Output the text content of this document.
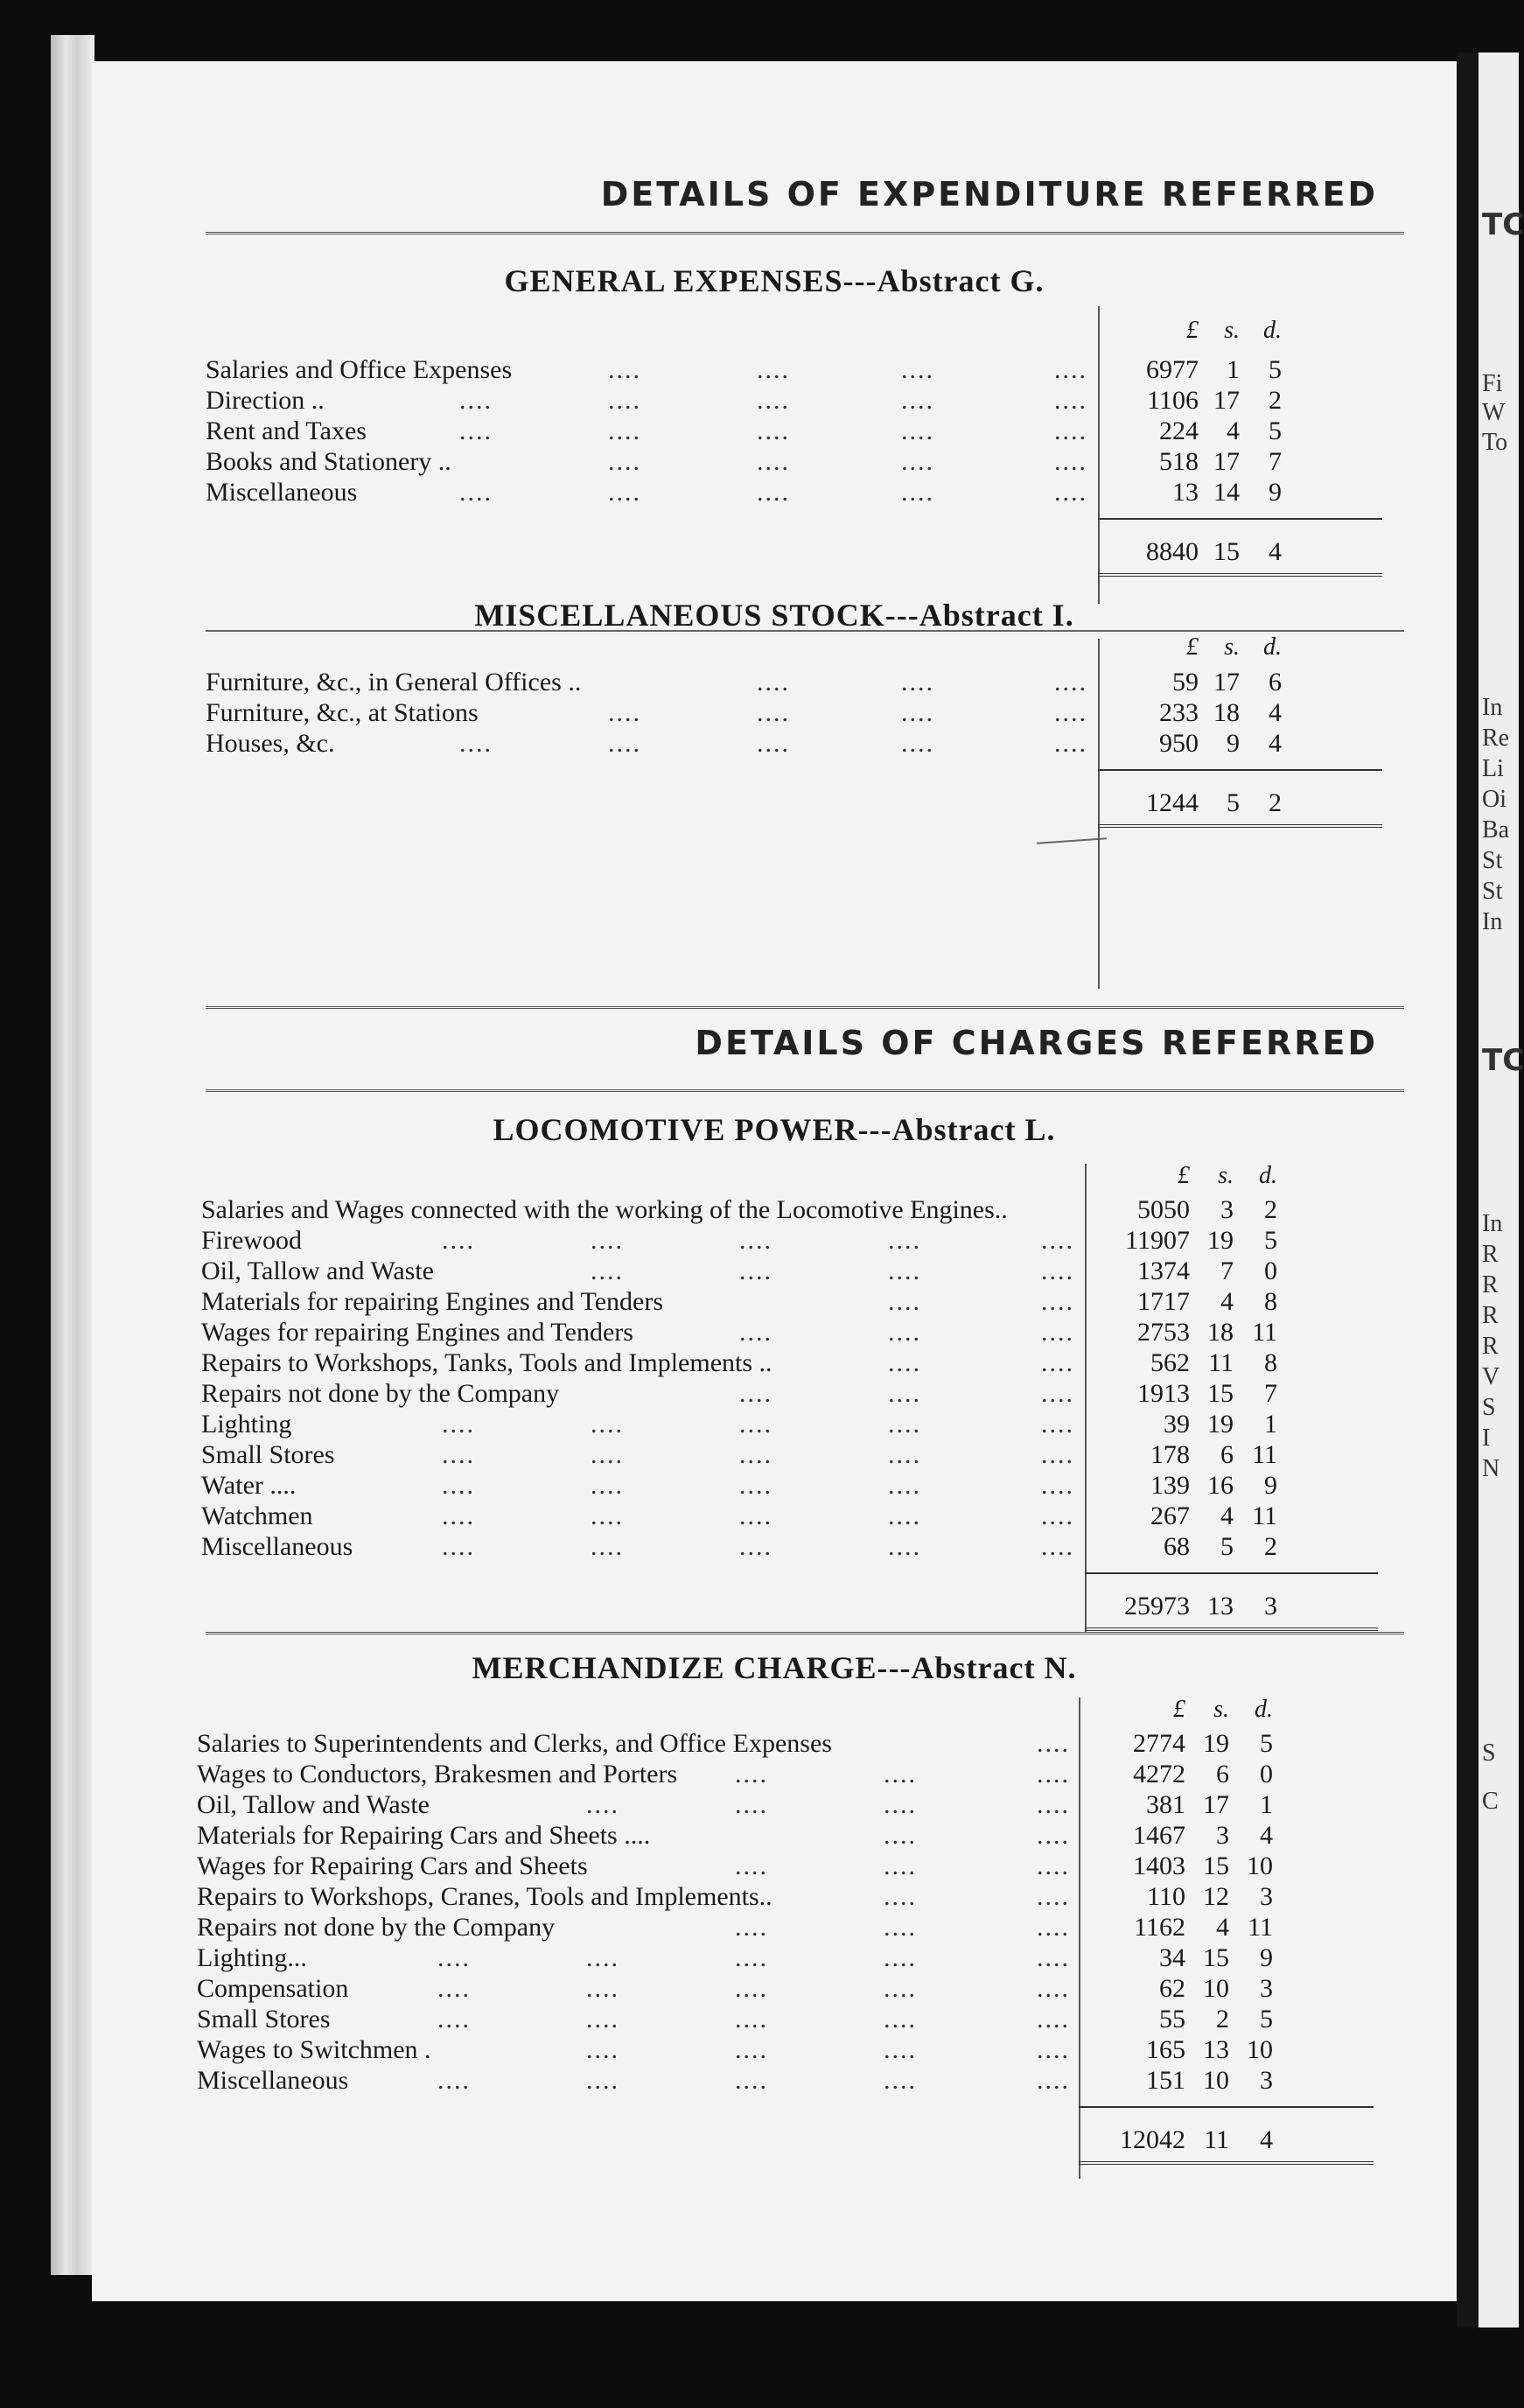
TC
Fi
W
To
In
Re
Li
Oi
Ba
St
St
In
TC
In
R
R
R
R
V
S
I
N
S
C
DETAILS OF EXPENDITURE REFERRED
GENERAL EXPENSES---Abstract G.
MISCELLANEOUS STOCK---Abstract I.
DETAILS OF CHARGES REFERRED
LOCOMOTIVE POWER---Abstract L.
MERCHANDIZE CHARGE---Abstract N.
£	s. d.
Salaries and Office Expenses	....	....	....	....	6977	1	5
Direction ..	....	....	....	....	....	1106 17	2
Rent and Taxes	....	....	....	....	....	224	4	5
Books and Stationery ..	....	....	....	....	518 17	7
Miscellaneous	....	....	....	....	....	13 14	9
8840 15	4
£	s. d.
Furniture, &c., in General Offices ..	....	....	....	59 17	6
Furniture, &c., at Stations	....	....	....	....	233 18	4
Houses, &c.	....	....	....	....	....	950	9	4
1244	5	2
£	s.	d.
Salaries and Wages connected with the working of the Locomotive Engines..	5050	3	2
Firewood	....	....	....	....	....	11907 19	5
Oil, Tallow and Waste	....	....	....	....	1374	7	0
Materials for repairing Engines and Tenders	....	....	1717	4	8
Wages for repairing Engines and Tenders	....	....	....	2753 18 11
Repairs to Workshops, Tanks, Tools and Implements ..	....	....	562 11	8
Repairs not done by the Company	....	....	....	1913 15	7
Lighting	....	....	....	....	....	39 19	1
Small Stores	....	....	....	....	....	178	6 11
Water ....	....	....	....	....	....	139 16	9
Watchmen	....	....	....	....	....	267	4 11
Miscellaneous	....	....	....	....	....	68	5	2
25973 13	3
£	s.	d.
Salaries to Superintendents and Clerks, and Office Expenses	....	2774 19	5
Wages to Conductors, Brakesmen and Porters ....	....	....	4272	6	0
Oil, Tallow and Waste	....	....	....	....	381 17	1
Materials for Repairing Cars and Sheets ....	....	....	1467	3	4
Wages for Repairing Cars and Sheets	....	....	....	1403 15 10
Repairs to Workshops, Cranes, Tools and Implements..	....	....	110 12	3
Repairs not done by the Company	....	....	....	1162	4 11
Lighting...	....	....	....	....	....	34 15	9
Compensation	....	....	....	....	....	62 10	3
Small Stores	....	....	....	....	....	55	2	5
Wages to Switchmen .	....	....	....	....	165 13 10
Miscellaneous	....	....	....	....	....	151 10	3
12042 11	4
